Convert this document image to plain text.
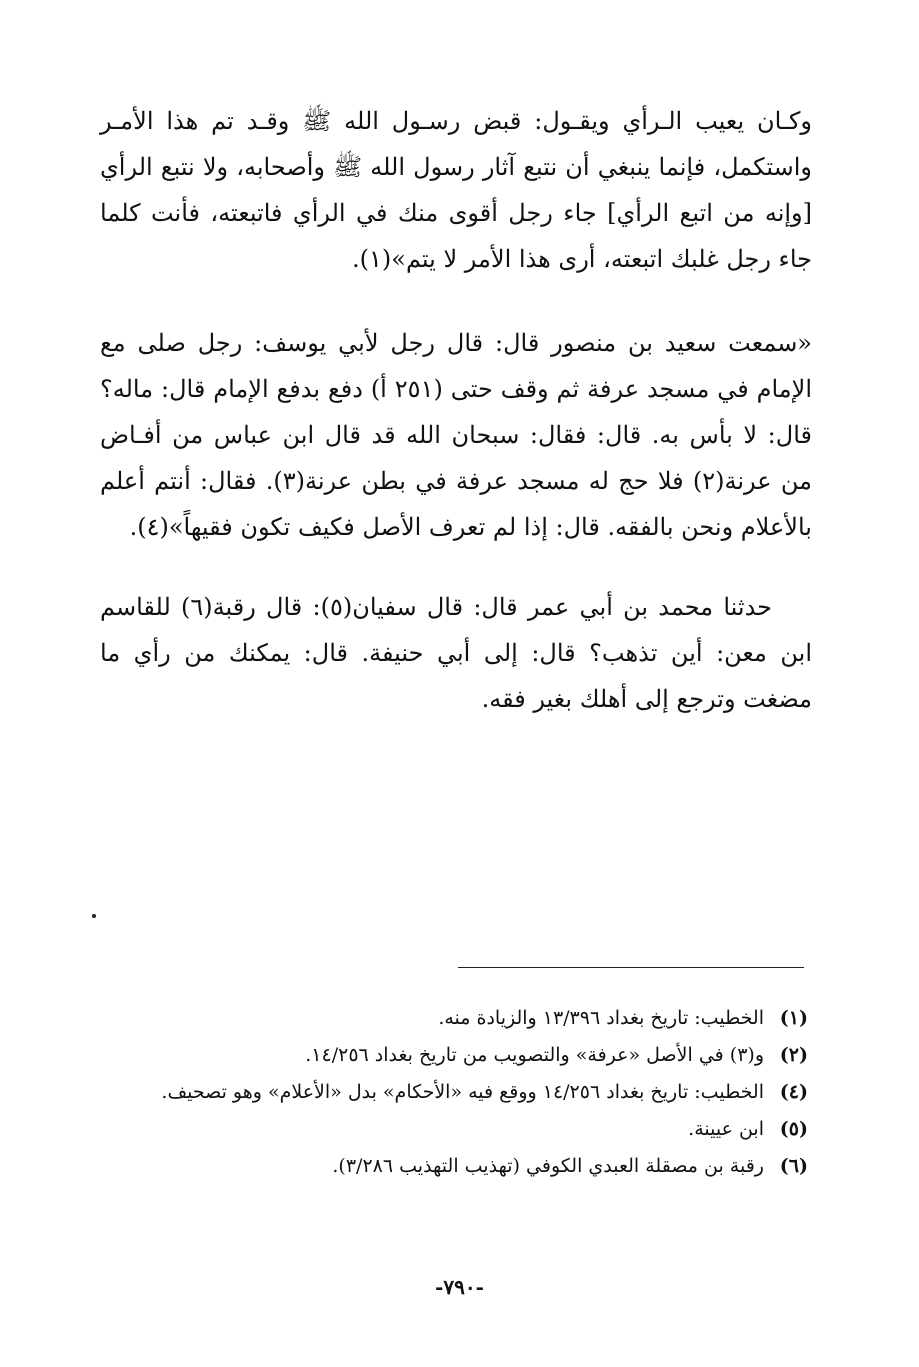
وكـان يعيب الـرأي ويقـول: قبض رسـول الله ﷺ وقـد تم هذا الأمـر واستكمل، فإنما ينبغي أن نتبع آثار رسول الله ﷺ وأصحابه، ولا نتبع الرأي [وإنه من اتبع الرأي] جاء رجل أقوى منك في الرأي فاتبعته، فأنت كلما جاء رجل غلبك اتبعته، أرى هذا الأمر لا يتم»(١).

«سمعت سعيد بن منصور قال: قال رجل لأبي يوسف: رجل صلى مع الإمام في مسجد عرفة ثم وقف حتى (٢٥١ أ) دفع بدفع الإمام قال: ماله؟ قال: لا بأس به. قال: فقال: سبحان الله قد قال ابن عباس من أفـاض من عرنة(٢) فلا حج له مسجد عرفة في بطن عرنة(٣). فقال: أنتم أعلم بالأعلام ونحن بالفقه. قال: إذا لم تعرف الأصل فكيف تكون فقيهاً»(٤).

حدثنا محمد بن أبي عمر قال: قال سفيان(٥): قال رقبة(٦) للقاسم ابن معن: أين تذهب؟ قال: إلى أبي حنيفة. قال: يمكنك من رأي ما مضغت وترجع إلى أهلك بغير فقه.

(١)
الخطيب: تاريخ بغداد ١٣/٣٩٦ والزيادة منه.
(٢)
و(٣) في الأصل «عرفة» والتصويب من تاريخ بغداد ١٤/٢٥٦.
(٤)
الخطيب: تاريخ بغداد ١٤/٢٥٦ ووقع فيه «الأحكام» بدل «الأعلام» وهو تصحيف.
(٥)
ابن عيينة.
(٦)
رقبة بن مصقلة العبدي الكوفي (تهذيب التهذيب ٣/٢٨٦).
-٧٩٠-
